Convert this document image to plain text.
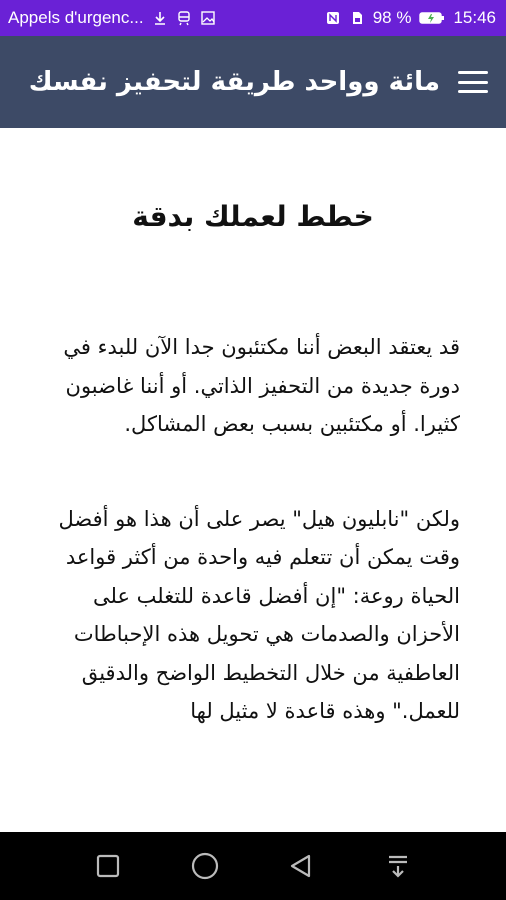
Appels d'urgenc...	98 % 15:46
مائة وواحد طريقة لتحفيز نفسك
خطط لعملك بدقة

قد يعتقد البعض أننا مكتئبون جدا الآن للبدء في دورة جديدة من التحفيز الذاتي. أو أننا غاضبون كثيرا. أو مكتئبين بسبب بعض المشاكل.

ولكن "نابليون هيل" يصر على أن هذا هو أفضل وقت يمكن أن تتعلم فيه واحدة من أكثر قواعد الحياة روعة: "إن أفضل قاعدة للتغلب على الأحزان والصدمات هي تحويل هذه الإحباطات العاطفية من خلال التخطيط الواضح والدقيق للعمل." وهذه قاعدة لا مثيل لها
